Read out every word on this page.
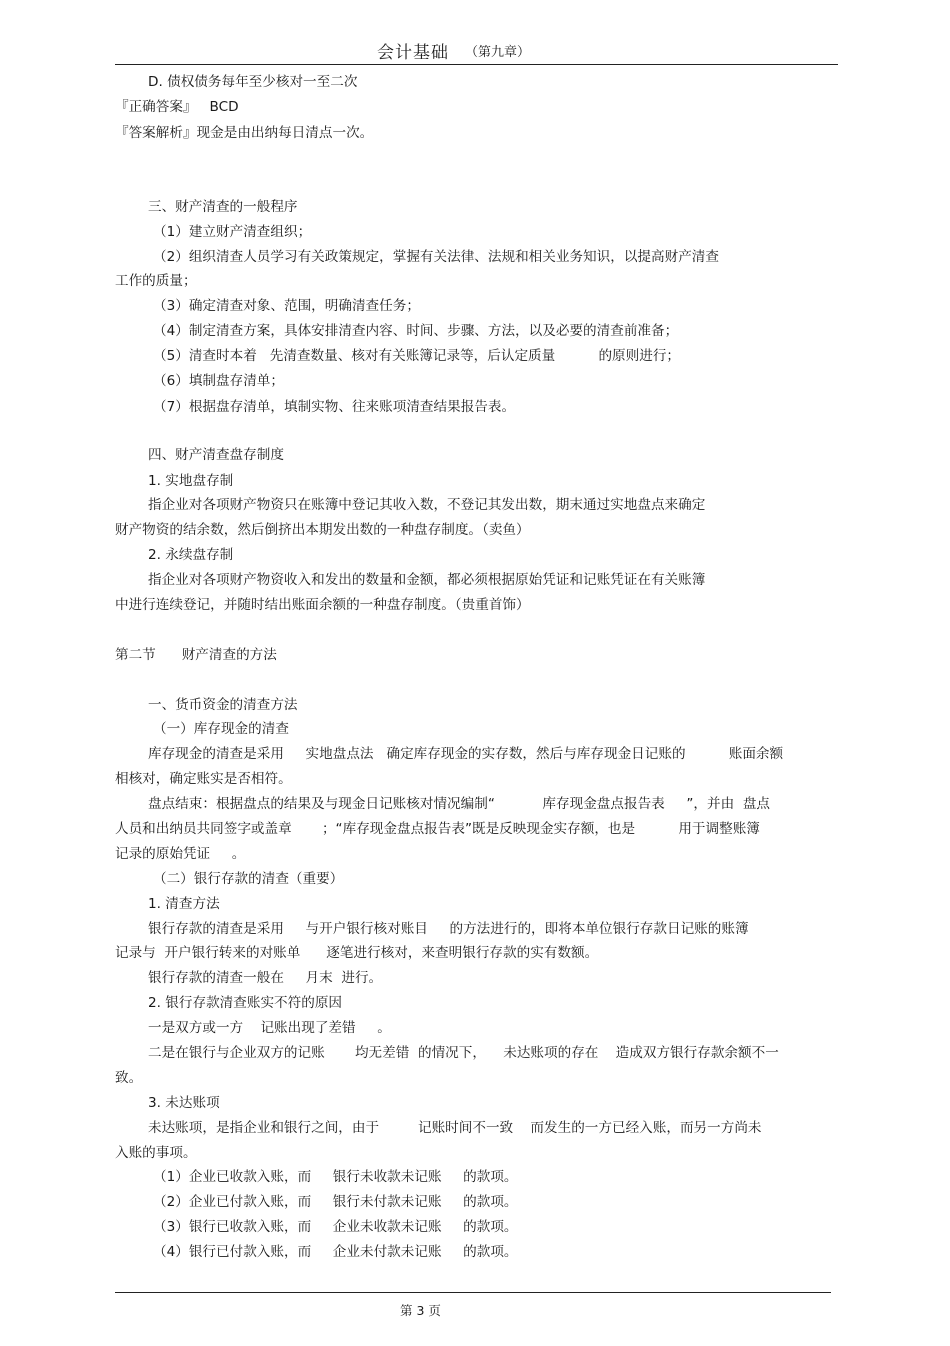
会计基础 （第九章）
D. 债权债务每年至少核对一至二次
『正确答案』   BCD
『答案解析』现金是由出纳每日清点一次。
三、财产清查的一般程序
（1）建立财产清查组织；
（2）组织清查人员学习有关政策规定，掌握有关法律、法规和相关业务知识，以提高财产清查
工作的质量；
（3）确定清查对象、范围，明确清查任务；
（4）制定清查方案，具体安排清查内容、时间、步骤、方法，以及必要的清查前准备；
（5）清查时本着   先清查数量、核对有关账簿记录等，后认定质量          的原则进行；
（6）填制盘存清单；
（7）根据盘存清单，填制实物、往来账项清查结果报告表。
四、财产清查盘存制度
1. 实地盘存制
指企业对各项财产物资只在账簿中登记其收入数，不登记其发出数，期末通过实地盘点来确定
财产物资的结余数，然后倒挤出本期发出数的一种盘存制度。（卖鱼）
2. 永续盘存制
指企业对各项财产物资收入和发出的数量和金额，都必须根据原始凭证和记账凭证在有关账簿
中进行连续登记，并随时结出账面余额的一种盘存制度。（贵重首饰）
第二节      财产清查的方法
一、货币资金的清查方法
（一）库存现金的清查
库存现金的清查是采用     实地盘点法   确定库存现金的实存数，然后与库存现金日记账的          账面余额
相核对，确定账实是否相符。
盘点结束：根据盘点的结果及与现金日记账核对情况编制“           库存现金盘点报告表     ”，并由  盘点
人员和出纳员共同签字或盖章       ；“库存现金盘点报告表”既是反映现金实存额，也是          用于调整账簿
记录的原始凭证     。
（二）银行存款的清查（重要）
1. 清查方法
银行存款的清查是采用     与开户银行核对账目     的方法进行的，即将本单位银行存款日记账的账簿
记录与  开户银行转来的对账单      逐笔进行核对，来查明银行存款的实有数额。
银行存款的清查一般在     月末  进行。
2. 银行存款清查账实不符的原因
一是双方或一方    记账出现了差错     。
二是在银行与企业双方的记账       均无差错  的情况下，    未达账项的存在    造成双方银行存款余额不一
致。
3. 未达账项
未达账项，是指企业和银行之间，由于         记账时间不一致    而发生的一方已经入账，而另一方尚未
入账的事项。
（1）企业已收款入账，而     银行未收款未记账     的款项。
（2）企业已付款入账，而     银行未付款未记账     的款项。
（3）银行已收款入账，而     企业未收款未记账     的款项。
（4）银行已付款入账，而     企业未付款未记账     的款项。
第 3 页
